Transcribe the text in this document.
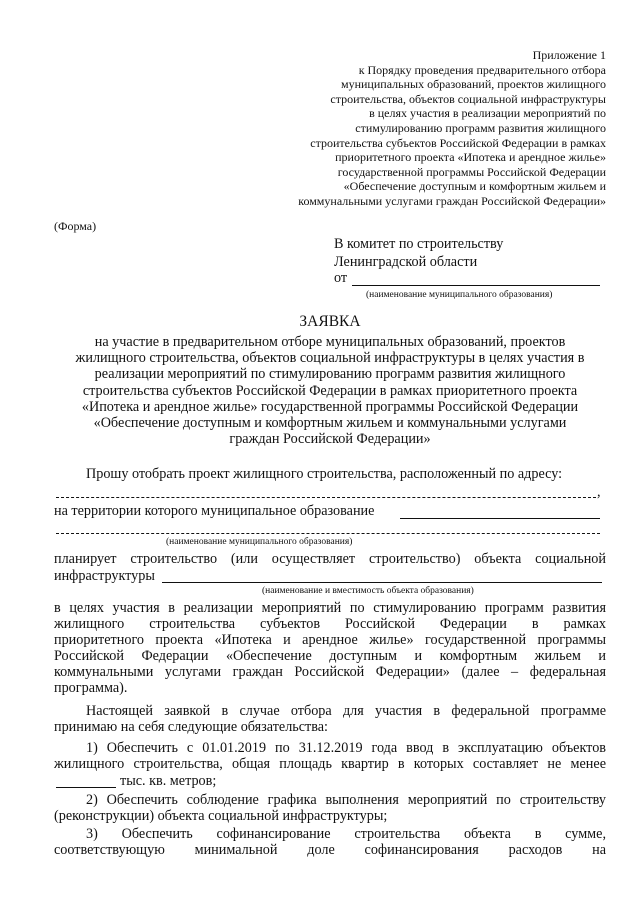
Приложение 1
к Порядку проведения предварительного отбора
муниципальных образований, проектов жилищного
строительства, объектов социальной инфраструктуры
в целях участия в реализации мероприятий по
стимулированию программ развития жилищного
строительства субъектов Российской Федерации в рамках
приоритетного проекта «Ипотека и арендное жилье»
государственной программы Российской Федерации
«Обеспечение доступным и комфортным жильем и
коммунальными услугами граждан Российской Федерации»
(Форма)
В комитет по строительству
Ленинградской области
от
(наименование муниципального образования)
ЗАЯВКА
на участие в предварительном отборе муниципальных образований, проектов
жилищного строительства, объектов социальной инфраструктуры в целях участия в
реализации мероприятий по стимулированию программ развития жилищного
строительства субъектов Российской Федерации в рамках приоритетного проекта
«Ипотека и арендное жилье» государственной программы Российской Федерации
«Обеспечение доступным и комфортным жильем и коммунальными услугами
граждан Российской Федерации»
Прошу отобрать проект жилищного строительства, расположенный по адресу:
,
на территории которого муниципальное образование
(наименование муниципального образования)
планирует строительство (или осуществляет строительство) объекта социальной
инфраструктуры
(наименование и вместимость объекта образования)
в целях участия в реализации мероприятий по стимулированию программ развития
жилищного строительства субъектов Российской Федерации в рамках
приоритетного проекта «Ипотека и арендное жилье» государственной программы
Российской Федерации «Обеспечение доступным и комфортным жильем и
коммунальными услугами граждан Российской Федерации» (далее – федеральная
программа).
Настоящей заявкой в случае отбора для участия в федеральной программе
принимаю на себя следующие обязательства:
1) Обеспечить с 01.01.2019 по 31.12.2019 года ввод в эксплуатацию объектов
жилищного строительства, общая площадь квартир в которых составляет не менее
тыс. кв. метров;
2) Обеспечить соблюдение графика выполнения мероприятий по строительству
(реконструкции) объекта социальной инфраструктуры;
3) Обеспечить софинансирование строительства объекта в сумме,
соответствующую минимальной доле софинансирования расходов на
